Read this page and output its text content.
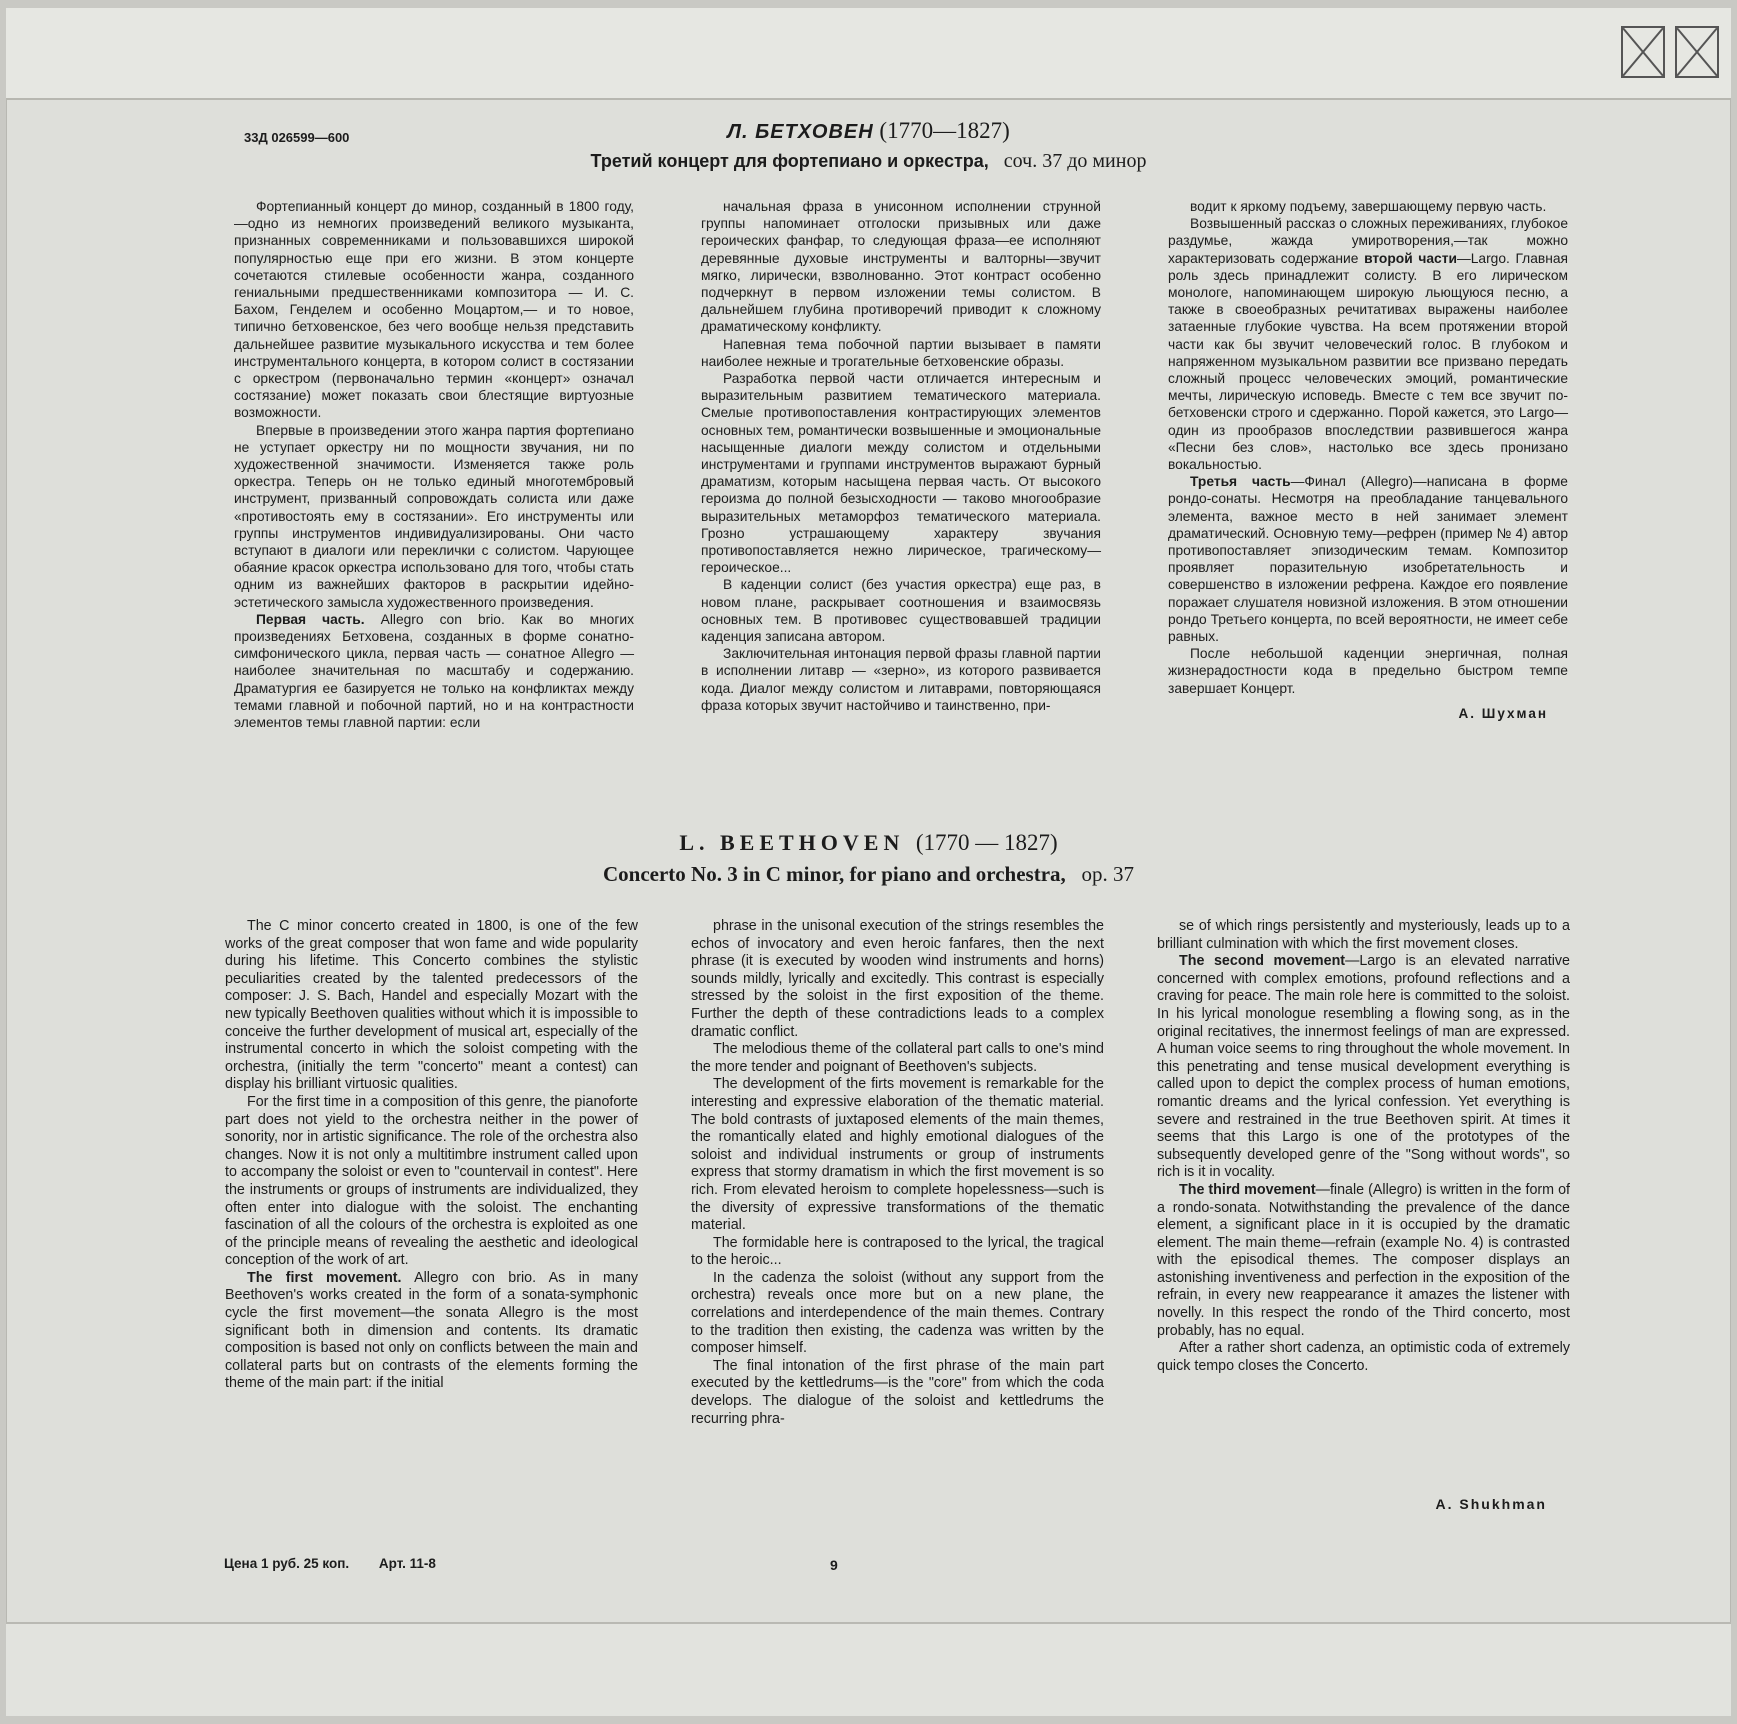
33Д 026599—600	Л. БЕТХОВЕН (1770—1827)
Третий концерт для фортепиано и оркестра, соч. 37 до минор

Фортепианный концерт до минор, созданный в 1800 году,—одно из немногих произведений великого музыканта, признанных современниками и пользовавшихся широкой популярностью еще при его жизни. В этом концерте сочетаются стилевые особенности жанра, созданного гениальными предшественниками композитора — И. С. Бахом, Генделем и особенно Моцартом,— и то новое, типично бетховенское, без чего вообще нельзя представить дальнейшее развитие музыкального искусства и тем более инструментального концерта, в котором солист в состязании с оркестром (первоначально термин «концерт» означал состязание) может показать свои блестящие виртуозные возможности.

Впервые в произведении этого жанра партия фортепиано не уступает оркестру ни по мощности звучания, ни по художественной значимости. Изменяется также роль оркестра. Теперь он не только единый многотембровый инструмент, призванный сопровождать солиста или даже «противостоять ему в состязании». Его инструменты или группы инструментов индивидуализированы. Они часто вступают в диалоги или переклички с солистом. Чарующее обаяние красок оркестра использовано для того, чтобы стать одним из важнейших факторов в раскрытии идейно-эстетического замысла художественного произведения.

Первая часть. Allegro con brio. Как во многих произведениях Бетховена, созданных в форме сонатно-симфонического цикла, первая часть — сонатное Allegro — наиболее значительная по масштабу и содержанию. Драматургия ее базируется не только на конфликтах между темами главной и побочной партий, но и на контрастности элементов темы главной партии: если

начальная фраза в унисонном исполнении струнной группы напоминает отголоски призывных или даже героических фанфар, то следующая фраза—ее исполняют деревянные духовые инструменты и валторны—звучит мягко, лирически, взволнованно. Этот контраст особенно подчеркнут в первом изложении темы солистом. В дальнейшем глубина противоречий приводит к сложному драматическому конфликту.

Напевная тема побочной партии вызывает в памяти наиболее нежные и трогательные бетховенские образы.

Разработка первой части отличается интересным и выразительным развитием тематического материала. Смелые противопоставления контрастирующих элементов основных тем, романтически возвышенные и эмоциональные насыщенные диалоги между солистом и отдельными инструментами и группами инструментов выражают бурный драматизм, которым насыщена первая часть. От высокого героизма до полной безысходности — таково многообразие выразительных метаморфоз тематического материала. Грозно устрашающему характеру звучания противопоставляется нежно лирическое, трагическому—героическое...

В каденции солист (без участия оркестра) еще раз, в новом плане, раскрывает соотношения и взаимосвязь основных тем. В противовес существовавшей традиции каденция записана автором.

Заключительная интонация первой фразы главной партии в исполнении литавр — «зерно», из которого развивается кода. Диалог между солистом и литаврами, повторяющаяся фраза которых звучит настойчиво и таинственно, при-

водит к яркому подъему, завершающему первую часть.

Возвышенный рассказ о сложных переживаниях, глубокое раздумье, жажда умиротворения,—так можно характеризовать содержание второй части—Largo. Главная роль здесь принадлежит солисту. В его лирическом монологе, напоминающем широкую льющуюся песню, а также в своеобразных речитативах выражены наиболее затаенные глубокие чувства. На всем протяжении второй части как бы звучит человеческий голос. В глубоком и напряженном музыкальном развитии все призвано передать сложный процесс человеческих эмоций, романтические мечты, лирическую исповедь. Вместе с тем все звучит по-бетховенски строго и сдержанно. Порой кажется, это Largo—один из прообразов впоследствии развившегося жанра «Песни без слов», настолько все здесь пронизано вокальностью.

Третья часть—Финал (Allegro)—написана в форме рондо-сонаты. Несмотря на преобладание танцевального элемента, важное место в ней занимает элемент драматический. Основную тему—рефрен (пример № 4) автор противопоставляет эпизодическим темам. Композитор проявляет поразительную изобретательность и совершенство в изложении рефрена. Каждое его появление поражает слушателя новизной изложения. В этом отношении рондо Третьего концерта, по всей вероятности, не имеет себе равных.

После небольшой каденции энергичная, полная жизнерадостности кода в предельно быстром темпе завершает Концерт.

А. Шухман
L. BEETHOVEN (1770 — 1827)
Concerto No. 3 in C minor, for piano and orchestra, op. 37

The C minor concerto created in 1800, is one of the few works of the great composer that won fame and wide popularity during his lifetime. This Concerto combines the stylistic peculiarities created by the talented predecessors of the composer: J. S. Bach, Handel and especially Mozart with the new typically Beethoven qualities without which it is impossible to conceive the further development of musical art, especially of the instrumental concerto in which the soloist competing with the orchestra, (initially the term "concerto" meant a contest) can display his brilliant virtuosic qualities.

For the first time in a composition of this genre, the pianoforte part does not yield to the orchestra neither in the power of sonority, nor in artistic significance. The role of the orchestra also changes. Now it is not only a multitimbre instrument called upon to accompany the soloist or even to "countervail in contest". Here the instruments or groups of instruments are individualized, they often enter into dialogue with the soloist. The enchanting fascination of all the colours of the orchestra is exploited as one of the principle means of revealing the aesthetic and ideological conception of the work of art.

The first movement. Allegro con brio. As in many Beethoven's works created in the form of a sonata-symphonic cycle the first movement—the sonata Allegro is the most significant both in dimension and contents. Its dramatic composition is based not only on conflicts between the main and collateral parts but on contrasts of the elements forming the theme of the main part: if the initial

phrase in the unisonal execution of the strings resembles the echos of invocatory and even heroic fanfares, then the next phrase (it is executed by wooden wind instruments and horns) sounds mildly, lyrically and excitedly. This contrast is especially stressed by the soloist in the first exposition of the theme. Further the depth of these contradictions leads to a complex dramatic conflict.

The melodious theme of the collateral part calls to one's mind the more tender and poignant of Beethoven's subjects.

The development of the firts movement is remarkable for the interesting and expressive elaboration of the thematic material. The bold contrasts of juxtaposed elements of the main themes, the romantically elated and highly emotional dialogues of the soloist and individual instruments or group of instruments express that stormy dramatism in which the first movement is so rich. From elevated heroism to complete hopelessness—such is the diversity of expressive transformations of the thematic material.

The formidable here is contraposed to the lyrical, the tragical to the heroic...

In the cadenza the soloist (without any support from the orchestra) reveals once more but on a new plane, the correlations and interdependence of the main themes. Contrary to the tradition then existing, the cadenza was written by the composer himself.

The final intonation of the first phrase of the main part executed by the kettledrums—is the "core" from which the coda develops. The dialogue of the soloist and kettledrums the recurring phra-

se of which rings persistently and mysteriously, leads up to a brilliant culmination with which the first movement closes.

The second movement—Largo is an elevated narrative concerned with complex emotions, profound reflections and a craving for peace. The main role here is committed to the soloist. In his lyrical monologue resembling a flowing song, as in the original recitatives, the innermost feelings of man are expressed. A human voice seems to ring throughout the whole movement. In this penetrating and tense musical development everything is called upon to depict the complex process of human emotions, romantic dreams and the lyrical confession. Yet everything is severe and restrained in the true Beethoven spirit. At times it seems that this Largo is one of the prototypes of the subsequently developed genre of the "Song without words", so rich is it in vocality.

The third movement—finale (Allegro) is written in the form of a rondo-sonata. Notwithstanding the prevalence of the dance element, a significant place in it is occupied by the dramatic element. The main theme—refrain (example No. 4) is contrasted with the episodical themes. The composer displays an astonishing inventiveness and perfection in the exposition of the refrain, in every new reappearance it amazes the listener with novelly. In this respect the rondo of the Third concerto, most probably, has no equal.

After a rather short cadenza, an optimistic coda of extremely quick tempo closes the Concerto.

A. Shukhman
Цена 1 руб. 25 коп. Арт. 11-8	9
